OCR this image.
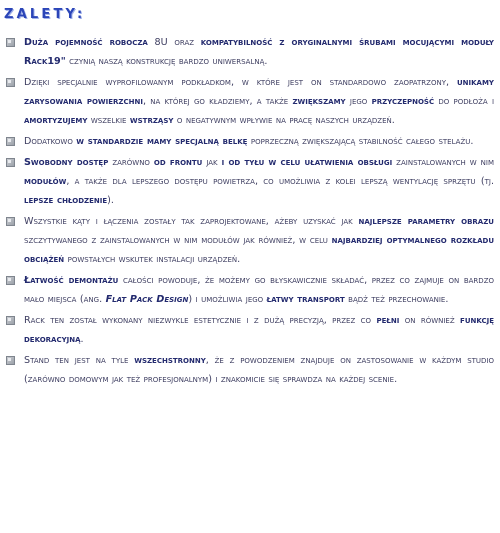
ZALETY:
Duża pojemność robocza 8U oraz kompatybilność z oryginalnymi śrubami mocującymi moduły Rack19" czynią naszą konstrukcję bardzo uniwersalną.
Dzięki specjalnie wyprofilowanym podkładkom, w które jest on standardowo zaopatrzony, unikamy zarysowania powierzchni, na której go kładziemy, a także zwiększamy jego przyczepność do podłoża i amortyzujemy wszelkie wstrząsy o negatywnym wpływie na pracę naszych urządzeń.
Dodatkowo w standardzie mamy specjalną belkę poprzeczną zwiększającą stabilność całego stelażu.
Swobodny dostęp zarówno od frontu jak i od tyłu w celu ułatwienia obsługi zainstalowanych w nim modułów, a także dla lepszego dostępu powietrza, co umożliwia z kolei lepszą wentylację sprzętu (tj. lepsze chłodzenie).
Wszystkie kąty i łączenia zostały tak zaprojektowane, ażeby uzyskać jak najlepsze parametry obrazu szczytywanego z zainstalowanych w nim modułów jak również, w celu najbardziej optymalnego rozkładu obciążeń powstałych wskutek instalacji urządzeń.
Łatwość demontażu całości powoduje, że możemy go błyskawicznie składać, przez co zajmuje on bardzo mało miejsca (ang. Flat Pack Design) i umożliwia jego łatwy transport bądź też przechowanie.
Rack ten został wykonany niezwykle estetycznie i z dużą precyzją, przez co pełni on również funkcję dekoracyjną.
Stand ten jest na tyle wszechstronny, że z powodzeniem znajduje on zastosowanie w każdym studio (zarówno domowym jak też profesjonalnym) i znakomicie się sprawdza na każdej scenie.
